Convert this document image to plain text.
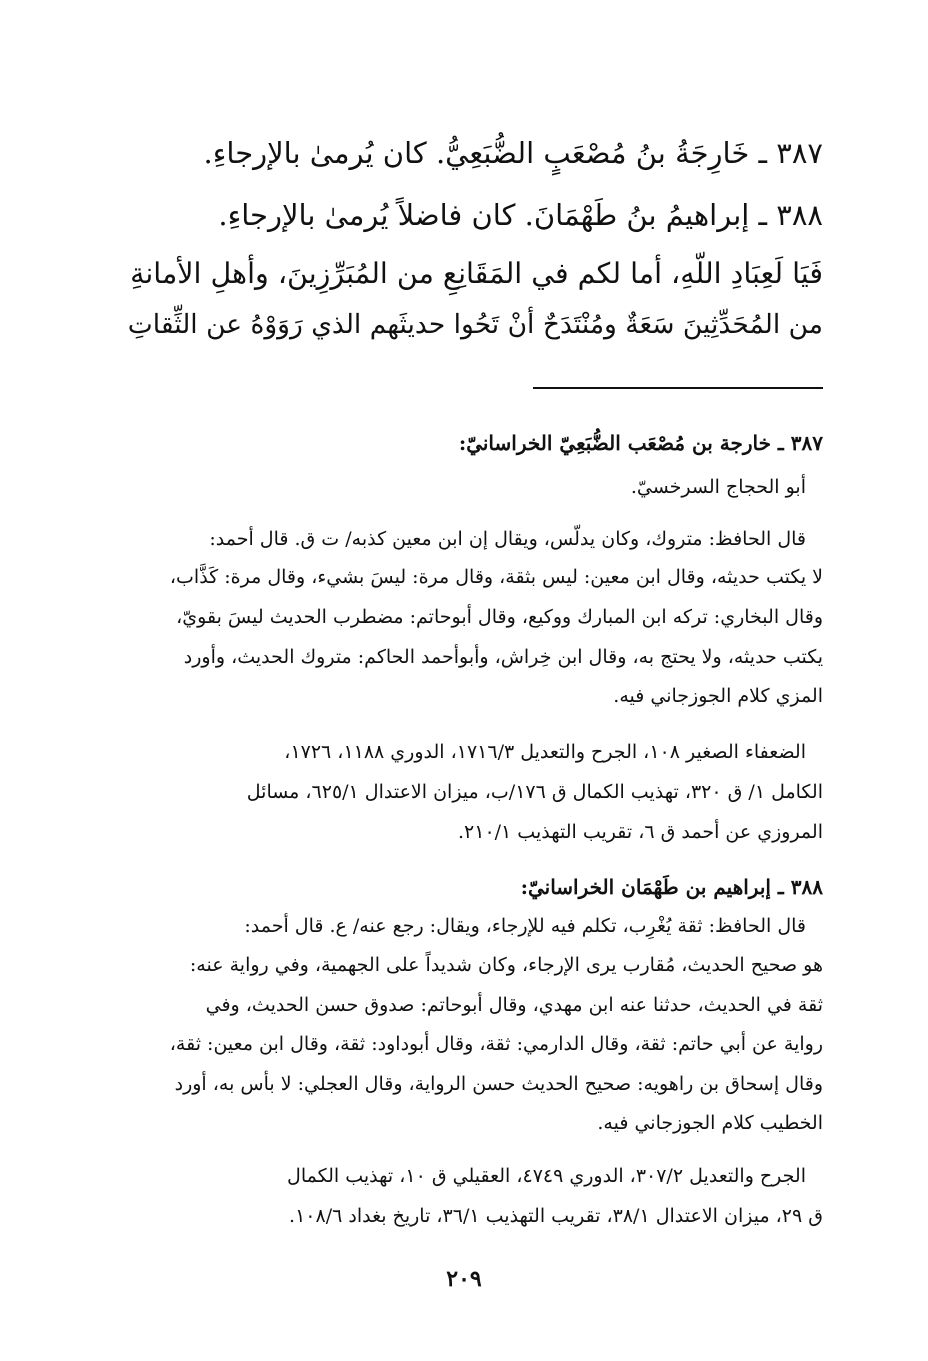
٣٨٧ ـ خَارِجَةُ بنُ مُصْعَبٍ الضُّبَعِيُّ. كان يُرمىٰ بالإرجاءِ.
٣٨٨ ـ إبراهيمُ بنُ طَهْمَانَ. كان فاضلاً يُرمىٰ بالإرجاءِ.
فَيَا لَعِبَادِ اللّهِ، أما لكم في المَقَانِعِ من المُبَرِّزِينَ، وأهلِ الأمانةِ
من المُحَدِّثِينَ سَعَةٌ ومُنْتَدَحٌ أنْ تَحُوا حديثَهم الذي رَوَوْهُ عن الثِّقاتِ
٣٨٧ ـ خارجة بن مُصْعَب الضُّبَعِيّ الخراسانيّ:
أبو الحجاج السرخسيّ.
قال الحافظ: متروك، وكان يدلّس، ويقال إن ابن معين كذبه/ ت ق. قال أحمد:
لا يكتب حديثه، وقال ابن معين: ليس بثقة، وقال مرة: ليسَ بشيء، وقال مرة: كَذَّاب،
وقال البخاري: تركه ابن المبارك ووكيع، وقال أبوحاتم: مضطرب الحديث ليسَ بقويّ،
يكتب حديثه، ولا يحتج به، وقال ابن خِراش، وأبوأحمد الحاكم: متروك الحديث، وأورد
المزي كلام الجوزجاني فيه.
الضعفاء الصغير ١٠٨، الجرح والتعديل ١٧١٦/٣، الدوري ١١٨٨، ١٧٢٦،
الكامل ١/ ق ٣٢٠، تهذيب الكمال ق ١٧٦/ب، ميزان الاعتدال ٦٢٥/١، مسائل
المروزي عن أحمد ق ٦، تقريب التهذيب ٢١٠/١.
٣٨٨ ـ إبراهيم بن طَهْمَان الخراسانيّ:
قال الحافظ: ثقة يُغْرِب، تكلم فيه للإرجاء، ويقال: رجع عنه/ ع. قال أحمد:
هو صحيح الحديث، مُقارب يرى الإرجاء، وكان شديداً على الجهمية، وفي رواية عنه:
ثقة في الحديث، حدثنا عنه ابن مهدي، وقال أبوحاتم: صدوق حسن الحديث، وفي
رواية عن أبي حاتم: ثقة، وقال الدارمي: ثقة، وقال أبوداود: ثقة، وقال ابن معين: ثقة،
وقال إسحاق بن راهويه: صحيح الحديث حسن الرواية، وقال العجلي: لا بأس به، أورد
الخطيب كلام الجوزجاني فيه.
الجرح والتعديل ٣٠٧/٢، الدوري ٤٧٤٩، العقيلي ق ١٠، تهذيب الكمال
ق ٢٩، ميزان الاعتدال ٣٨/١، تقريب التهذيب ٣٦/١، تاريخ بغداد ١٠٨/٦.
٢٠٩
